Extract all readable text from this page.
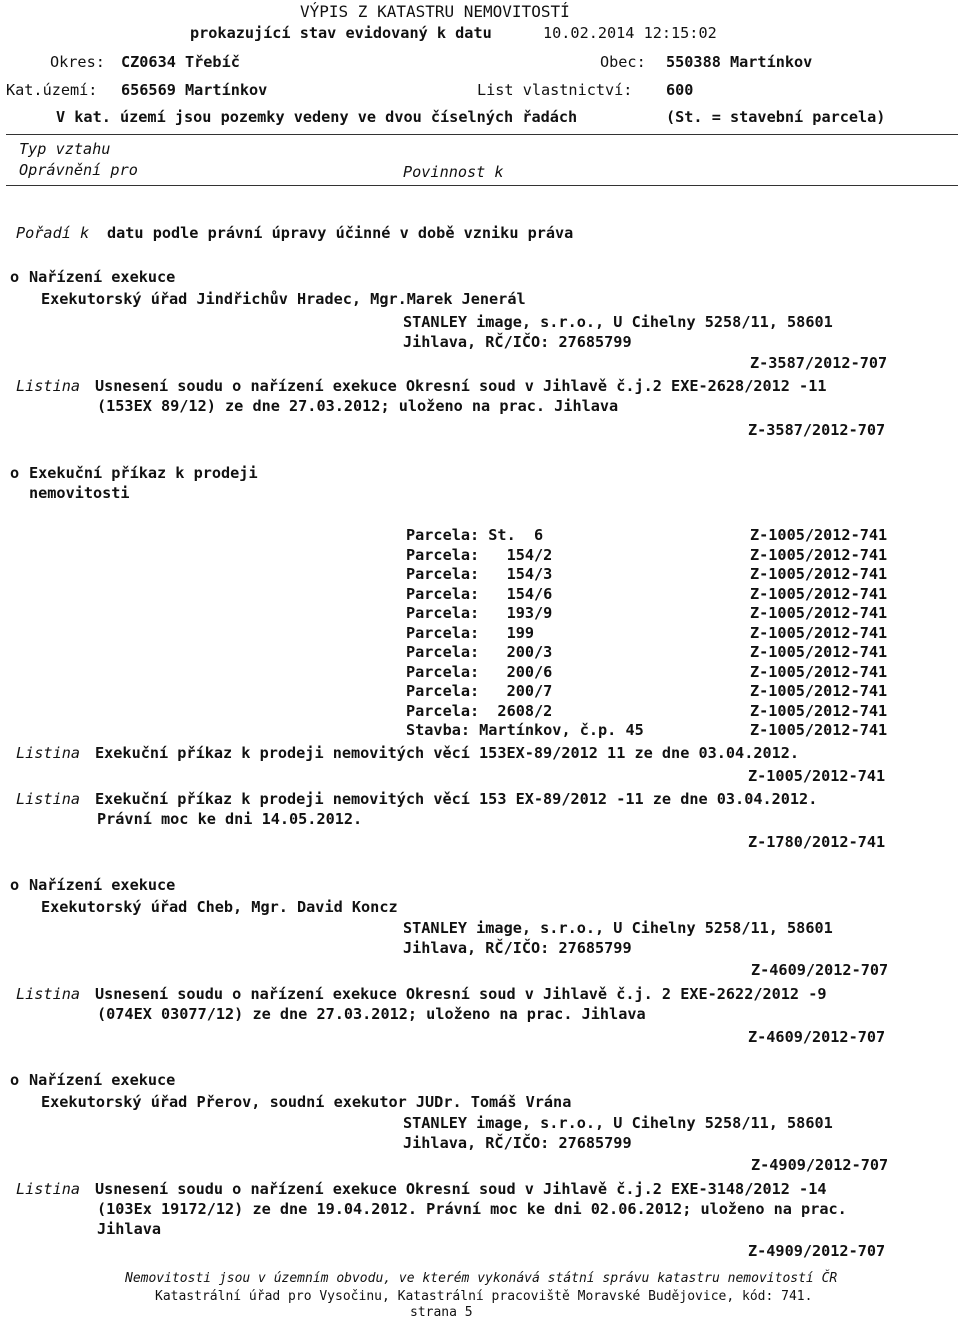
VÝPIS Z KATASTRU NEMOVITOSTÍ
prokazující stav evidovaný k datu	10.02.2014 12:15:02
Okres: CZ0634 Třebíč	Obec: 550388 Martínkov
Kat.území: 656569 Martínkov	List vlastnictví: 600
V kat. území jsou pozemky vedeny ve dvou číselných řadách	(St. = stavební parcela)
Typ vztahu
Oprávnění pro	Povinnost k
Pořadí k datu podle právní úpravy účinné v době vzniku práva
o Nařízení exekuce
Exekutorský úřad Jindřichův Hradec, Mgr.Marek Jenerál
STANLEY image, s.r.o., U Cihelny 5258/11, 58601
Jihlava, RČ/IČO: 27685799
Z-3587/2012-707
Listina Usnesení soudu o nařízení exekuce Okresní soud v Jihlavě č.j.2 EXE-2628/2012 -11
(153EX 89/12) ze dne 27.03.2012; uloženo na prac. Jihlava
Z-3587/2012-707
o Exekuční příkaz k prodeji
nemovitosti
Parcela: St.  6	Z-1005/2012-741
Parcela:   154/2	Z-1005/2012-741
Parcela:   154/3	Z-1005/2012-741
Parcela:   154/6	Z-1005/2012-741
Parcela:   193/9	Z-1005/2012-741
Parcela:   199	Z-1005/2012-741
Parcela:   200/3	Z-1005/2012-741
Parcela:   200/6	Z-1005/2012-741
Parcela:   200/7	Z-1005/2012-741
Parcela:  2608/2	Z-1005/2012-741
Stavba: Martínkov, č.p. 45	Z-1005/2012-741
Listina Exekuční příkaz k prodeji nemovitých věcí 153EX-89/2012 11 ze dne 03.04.2012.
Z-1005/2012-741
Listina Exekuční příkaz k prodeji nemovitých věcí 153 EX-89/2012 -11 ze dne 03.04.2012.
Právní moc ke dni 14.05.2012.
Z-1780/2012-741
o Nařízení exekuce
Exekutorský úřad Cheb, Mgr. David Koncz
STANLEY image, s.r.o., U Cihelny 5258/11, 58601
Jihlava, RČ/IČO: 27685799
Z-4609/2012-707
Listina Usnesení soudu o nařízení exekuce Okresní soud v Jihlavě č.j. 2 EXE-2622/2012 -9
(074EX 03077/12) ze dne 27.03.2012; uloženo na prac. Jihlava
Z-4609/2012-707
o Nařízení exekuce
Exekutorský úřad Přerov, soudní exekutor JUDr. Tomáš Vrána
STANLEY image, s.r.o., U Cihelny 5258/11, 58601
Jihlava, RČ/IČO: 27685799
Z-4909/2012-707
Listina Usnesení soudu o nařízení exekuce Okresní soud v Jihlavě č.j.2 EXE-3148/2012 -14
(103Ex 19172/12) ze dne 19.04.2012. Právní moc ke dni 02.06.2012; uloženo na prac.
Jihlava
Z-4909/2012-707
Nemovitosti jsou v územním obvodu, ve kterém vykonává státní správu katastru nemovitostí ČR
Katastrální úřad pro Vysočinu, Katastrální pracoviště Moravské Budějovice, kód: 741.
strana 5
